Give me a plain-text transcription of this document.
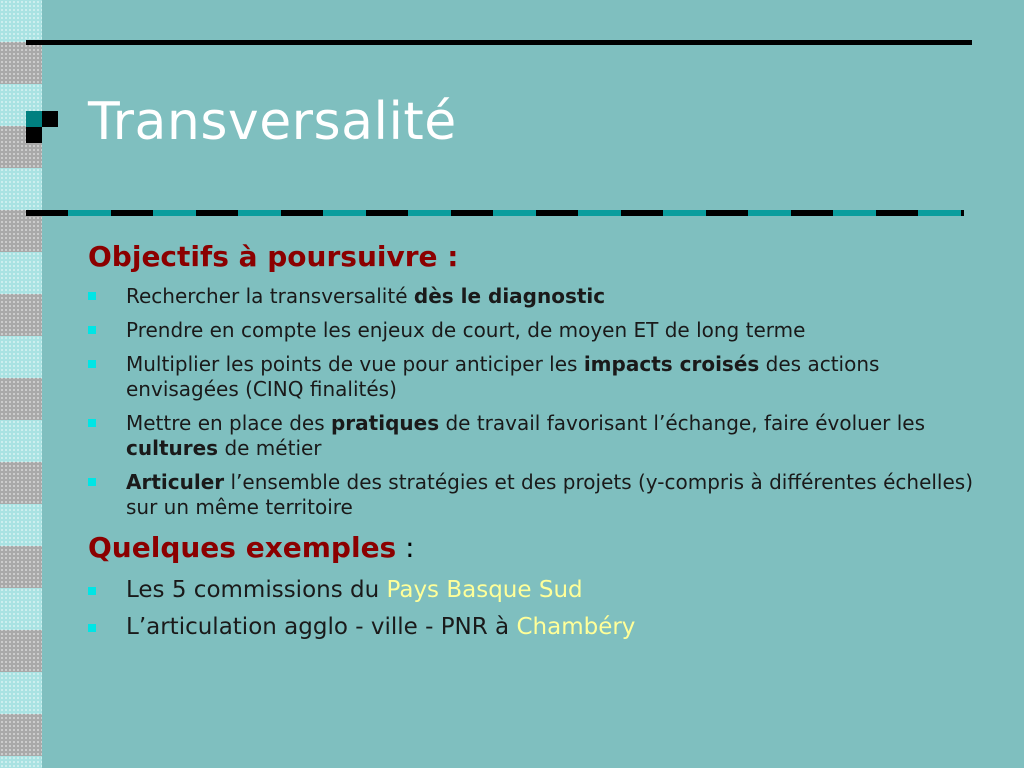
Transversalité
Objectifs à poursuivre :
Rechercher la transversalité dès le diagnostic
Prendre en compte les enjeux de court, de moyen ET de long terme
Multiplier les points de vue pour anticiper les impacts croisés des actions envisagées (CINQ finalités)
Mettre en place des pratiques de travail favorisant l’échange, faire évoluer les cultures de métier
Articuler l’ensemble des stratégies et des projets (y-compris à différentes échelles) sur un même territoire
Quelques exemples :
Les 5 commissions du Pays Basque Sud
L’articulation agglo - ville - PNR à Chambéry
